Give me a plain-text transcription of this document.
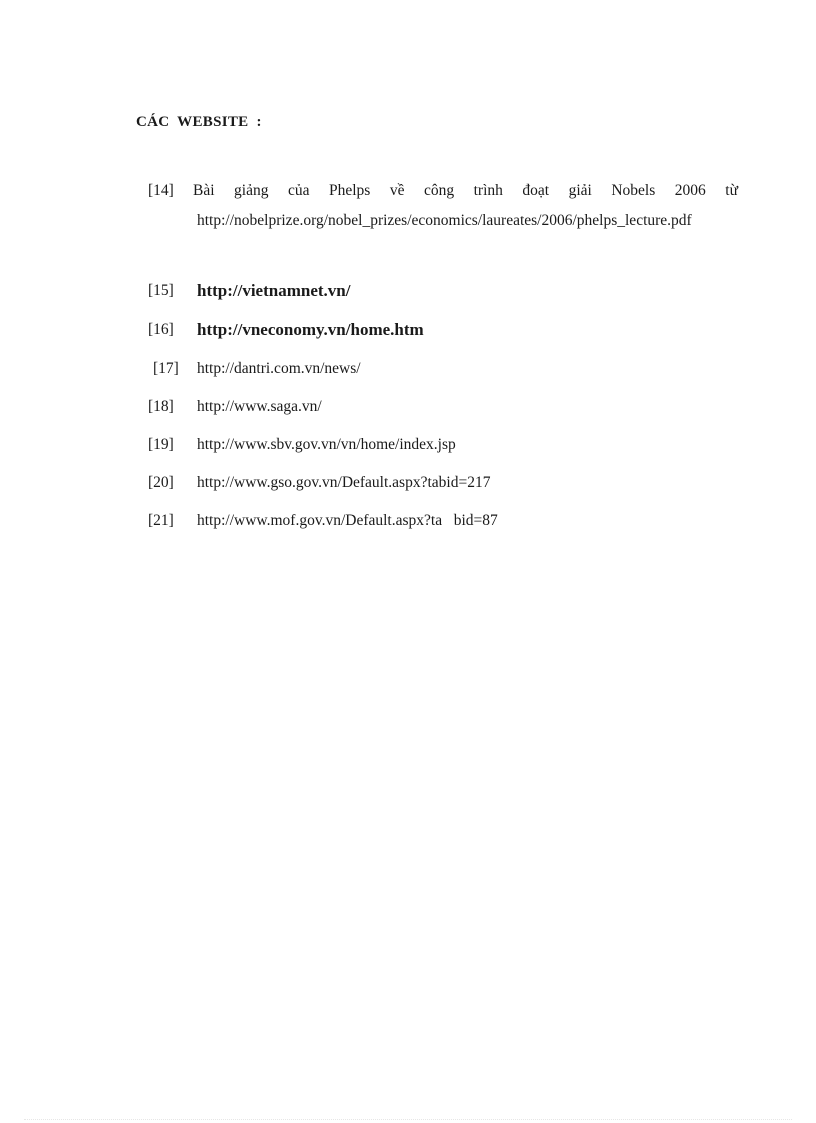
CÁC WEBSITE :
[14] Bài giảng của Phelps về công trình đoạt giải Nobels 2006 từ
http://nobelprize.org/nobel_prizes/economics/laureates/2006/phelps_lecture.pdf
[15] http://vietnamnet.vn/
[16] http://vneconomy.vn/home.htm
[17] http://dantri.com.vn/news/
[18] http://www.saga.vn/
[19] http://www.sbv.gov.vn/vn/home/index.jsp
[20] http://www.gso.gov.vn/Default.aspx?tabid=217
[21] http://www.mof.gov.vn/Default.aspx?ta   bid=87
